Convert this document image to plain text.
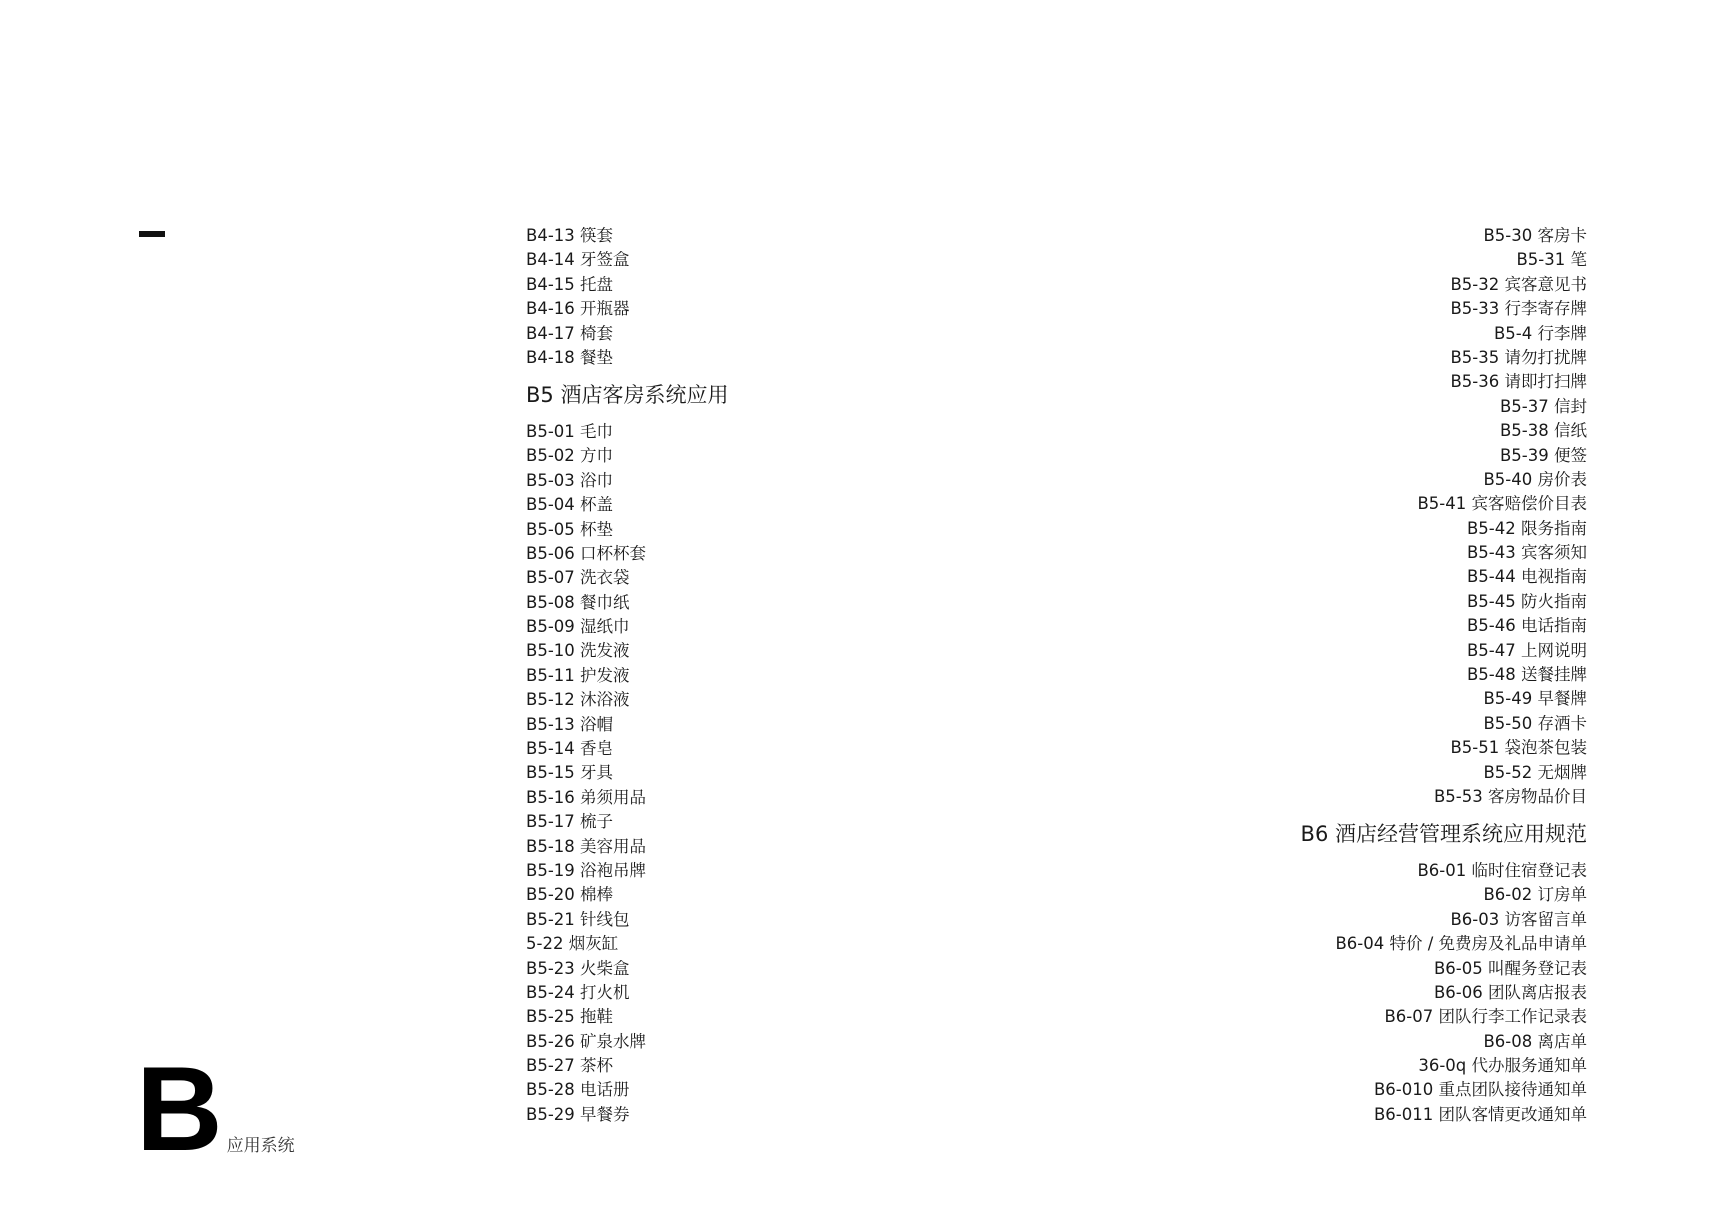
B4-13 筷套
B4-14 牙签盒
B4-15 托盘
B4-16 开瓶器
B4-17 椅套
B4-18 餐垫
B5 酒店客房系统应用
B5-01 毛巾
B5-02 方巾
B5-03 浴巾
B5-04 杯盖
B5-05 杯垫
B5-06 口杯杯套
B5-07 洗衣袋
B5-08 餐巾纸
B5-09 湿纸巾
B5-10 洗发液
B5-11 护发液
B5-12 沐浴液
B5-13 浴帽
B5-14 香皂
B5-15 牙具
B5-16 弟须用品
B5-17 梳子
B5-18 美容用品
B5-19 浴袍吊牌
B5-20 棉棒
B5-21 针线包
5-22 烟灰缸
B5-23 火柴盒
B5-24 打火机
B5-25 拖鞋
B5-26 矿泉水牌
B5-27 茶杯
B5-28 电话册
B5-29 早餐券
B5-30 客房卡
B5-31 笔
B5-32 宾客意见书
B5-33 行李寄存牌
B5-4 行李牌
B5-35 请勿打扰牌
B5-36 请即打扫牌
B5-37 信封
B5-38 信纸
B5-39 便签
B5-40 房价表
B5-41 宾客赔偿价目表
B5-42 限务指南
B5-43 宾客须知
B5-44 电视指南
B5-45 防火指南
B5-46 电话指南
B5-47 上网说明
B5-48 送餐挂牌
B5-49 早餐牌
B5-50 存酒卡
B5-51 袋泡茶包装
B5-52 无烟牌
B5-53 客房物品价目
B6 酒店经营管理系统应用规范
B6-01 临时住宿登记表
B6-02 订房单
B6-03 访客留言单
B6-04 特价 / 免费房及礼品申请单
B6-05 叫醒务登记表
B6-06 团队离店报表
B6-07 团队行李工作记录表
B6-08 离店单
36-0q 代办服务通知单
B6-010 重点团队接待通知单
B6-011 团队客情更改通知单
B 应用系统
